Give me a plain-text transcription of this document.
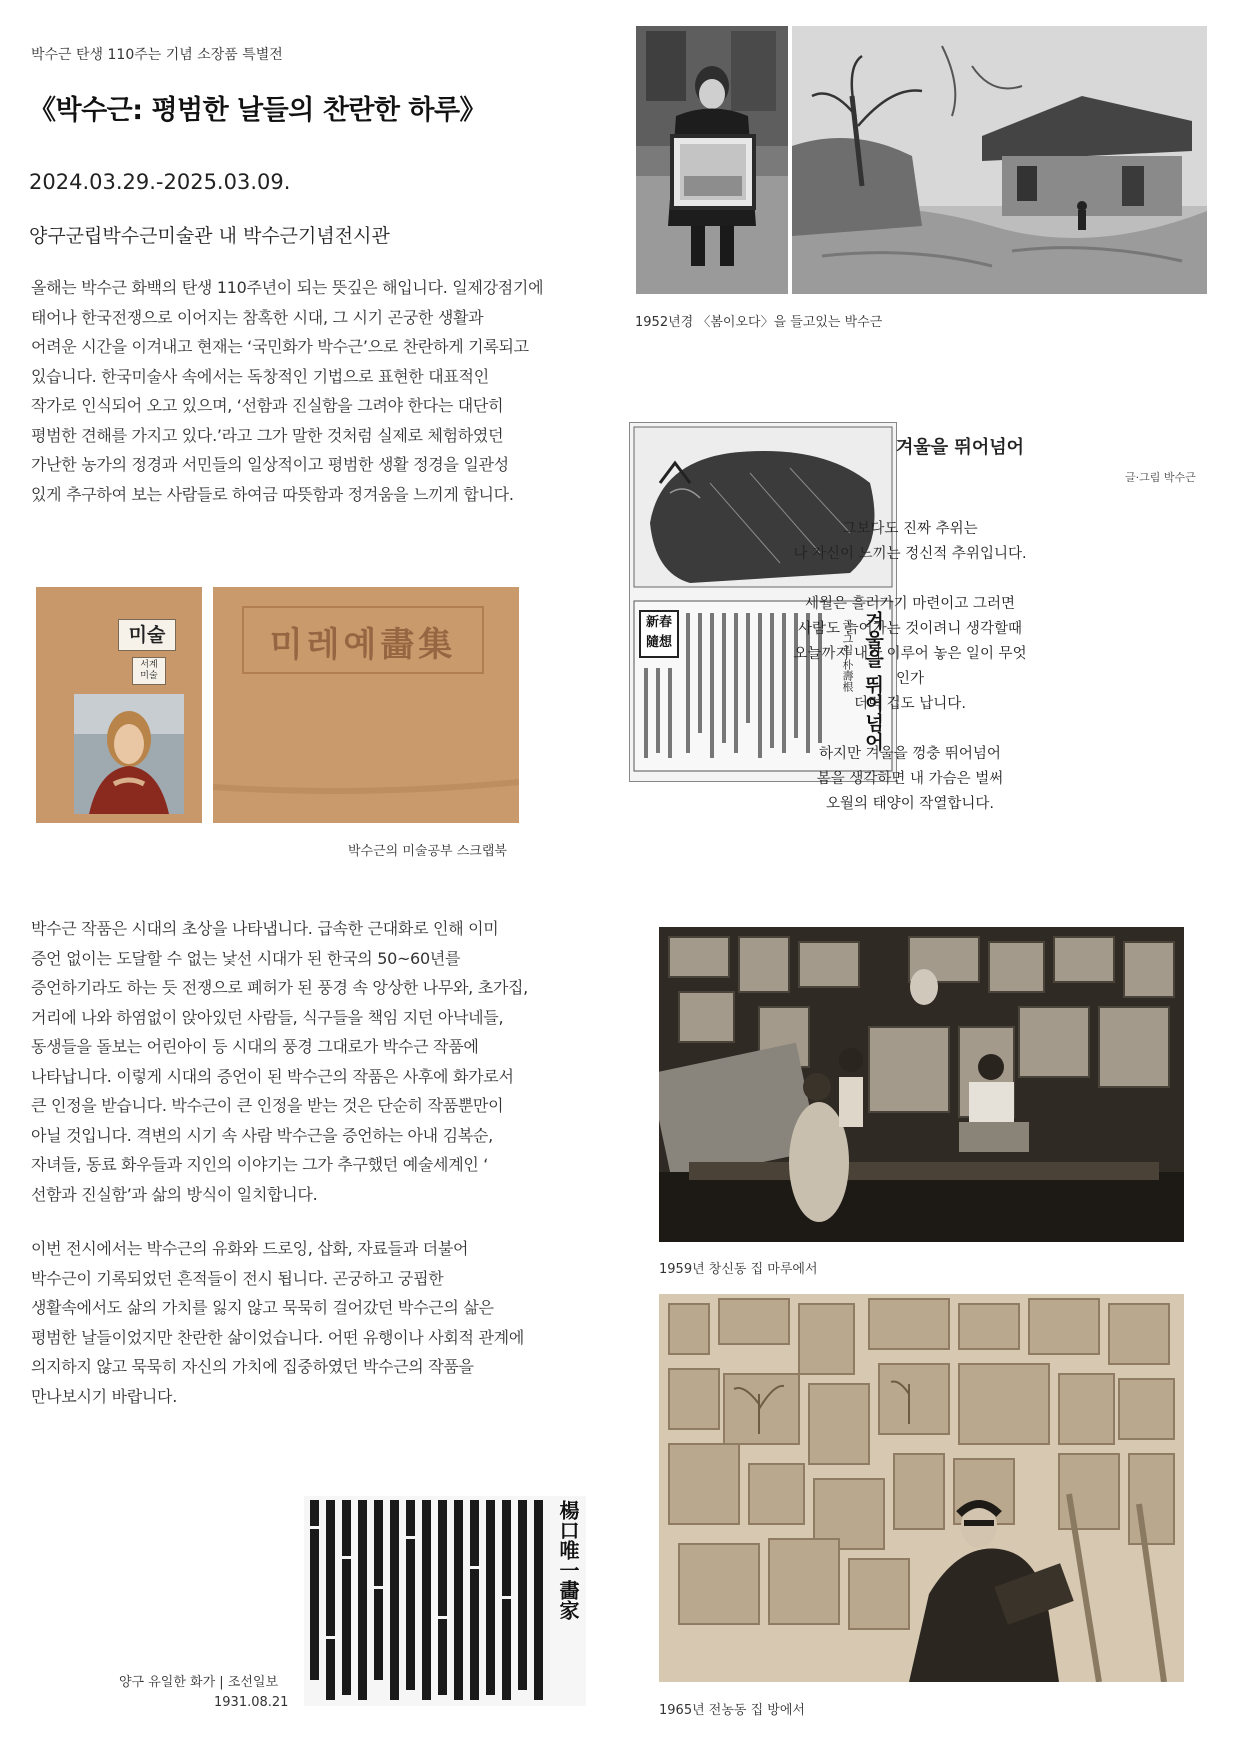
박수근 탄생 110주는 기념 소장품 특별전
《박수근: 평범한 날들의 찬란한 하루》
2024.03.29.-2025.03.09.
양구군립박수근미술관 내 박수근기념전시관
올해는 박수근 화백의 탄생 110주년이 되는 뜻깊은 해입니다. 일제강점기에
태어나 한국전쟁으로 이어지는 참혹한 시대, 그 시기 곤궁한 생활과
어려운 시간을 이겨내고 현재는 ‘국민화가 박수근’으로 찬란하게 기록되고
있습니다. 한국미술사 속에서는 독창적인 기법으로 표현한 대표적인
작가로 인식되어 오고 있으며, ‘선함과 진실함을 그려야 한다는 대단히
평범한 견해를 가지고 있다.’라고 그가 말한 것처럼 실제로 체험하였던
가난한 농가의 정경과 서민들의 일상적이고 평범한 생활 정경을 일관성
있게 추구하여 보는 사람들로 하여금 따뜻함과 정겨움을 느끼게 합니다.
1952년경 〈봄이오다〉을 들고있는 박수근
新春
隨想	겨울을 뛰어넘어
글·그림 朴壽根
겨울을 뛰어넘어
글·그림 박수근
그보다도 진짜 추위는
나 자신이 느끼는 정신적 추위입니다.
세월은 흘러가기 마련이고 그러면
사람도 늙어가는 것이려니 생각할때
오늘까지 내가 이루어 놓은 일이 무엇인가
더럭 겁도 납니다.
하지만 겨울을 껑충 뛰어넘어
봄을 생각하면 내 가슴은 벌써
오월의 태양이 작열합니다.
미술
서계
미술
미레예畵集
박수근의 미술공부 스크랩북
박수근 작품은 시대의 초상을 나타냅니다. 급속한 근대화로 인해 이미
증언 없이는 도달할 수 없는 낯선 시대가 된 한국의 50~60년를
증언하기라도 하는 듯 전쟁으로 폐허가 된 풍경 속 앙상한 나무와, 초가집,
거리에 나와 하염없이 앉아있던 사람들, 식구들을 책임 지던 아낙네들,
동생들을 돌보는 어린아이 등 시대의 풍경 그대로가 박수근 작품에
나타납니다. 이렇게 시대의 증언이 된 박수근의 작품은 사후에 화가로서
큰 인정을 받습니다. 박수근이 큰 인정을 받는 것은 단순히 작품뿐만이
아닐 것입니다. 격변의 시기 속 사람 박수근을 증언하는 아내 김복순,
자녀들, 동료 화우들과 지인의 이야기는 그가 추구했던 예술세계인 ‘
선함과 진실함’과 삶의 방식이 일치합니다.
이번 전시에서는 박수근의 유화와 드로잉, 삽화, 자료들과 더불어
박수근이 기록되었던 흔적들이 전시 됩니다. 곤궁하고 궁핍한
생활속에서도 삶의 가치를 잃지 않고 묵묵히 걸어갔던 박수근의 삶은
평범한 날들이었지만 찬란한 삶이었습니다. 어떤 유행이나 사회적 관계에
의지하지 않고 묵묵히 자신의 가치에 집중하였던 박수근의 작품을
만나보시기 바랍니다.
1959년 창신동 집 마루에서
1965년 전농동 집 방에서
楊口唯一畵家
양구 유일한 화가 | 조선일보
1931.08.21
